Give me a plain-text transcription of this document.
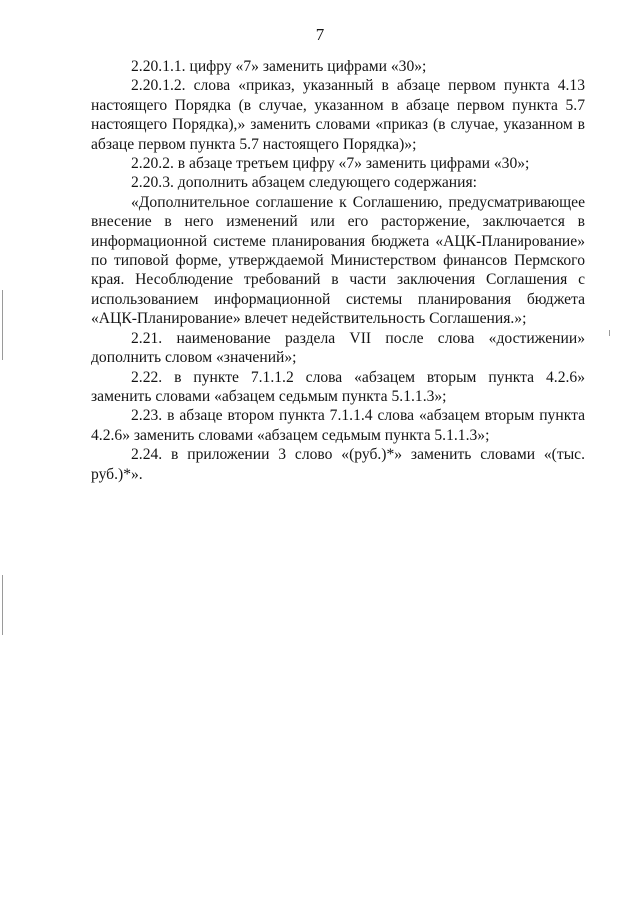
7

2.20.1.1. цифру «7» заменить цифрами «30»;

2.20.1.2. слова «приказ, указанный в абзаце первом пункта 4.13 настоящего Порядка (в случае, указанном в абзаце первом пункта 5.7 настоящего Порядка),» заменить словами «приказ (в случае, указанном в абзаце первом пункта 5.7 настоящего Порядка)»;

2.20.2. в абзаце третьем цифру «7» заменить цифрами «30»;

2.20.3. дополнить абзацем следующего содержания:

«Дополнительное соглашение к Соглашению, предусматривающее внесение в него изменений или его расторжение, заключается в информационной системе планирования бюджета «АЦК-Планирование» по типовой форме, утверждаемой Министерством финансов Пермского края. Несоблюдение требований в части заключения Соглашения с использованием информационной системы планирования бюджета «АЦК-Планирование» влечет недействительность Соглашения.»;

2.21. наименование раздела VII после слова «достижении» дополнить словом «значений»;

2.22. в пункте 7.1.1.2 слова «абзацем вторым пункта 4.2.6» заменить словами «абзацем седьмым пункта 5.1.1.3»;

2.23. в абзаце втором пункта 7.1.1.4 слова «абзацем вторым пункта 4.2.6» заменить словами «абзацем седьмым пункта 5.1.1.3»;

2.24. в приложении 3 слово «(руб.)*» заменить словами «(тыс. руб.)*».
